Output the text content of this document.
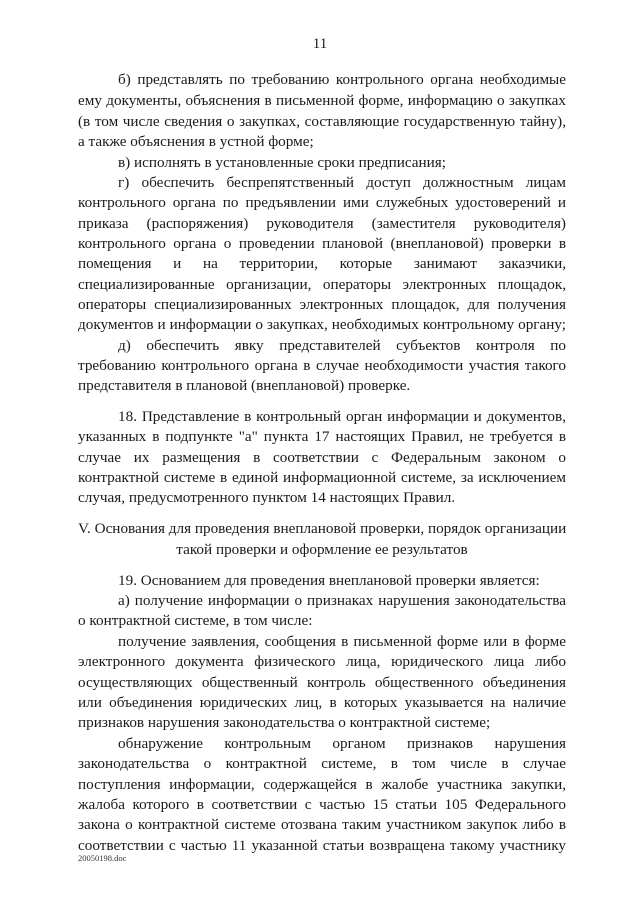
11
б) представлять по требованию контрольного органа необходимые
ему документы, объяснения в письменной форме, информацию о закупках
(в том числе сведения о закупках, составляющие государственную тайну),
а также объяснения в устной форме;
в) исполнять в установленные сроки предписания;
г) обеспечить беспрепятственный доступ должностным лицам
контрольного органа по предъявлении ими служебных удостоверений и
приказа (распоряжения) руководителя (заместителя руководителя)
контрольного органа о проведении плановой (внеплановой) проверки в
помещения и на территории, которые занимают заказчики,
специализированные организации, операторы электронных площадок,
операторы специализированных электронных площадок, для получения
документов и информации о закупках, необходимых контрольному органу;
д) обеспечить явку представителей субъектов контроля по
требованию контрольного органа в случае необходимости участия такого
представителя в плановой (внеплановой) проверке.
18. Представление в контрольный орган информации и документов,
указанных в подпункте "а" пункта 17 настоящих Правил, не требуется в
случае их размещения в соответствии с Федеральным законом о
контрактной системе в единой информационной системе, за исключением
случая, предусмотренного пунктом 14 настоящих Правил.
V. Основания для проведения внеплановой проверки, порядок организации
такой проверки и оформление ее результатов
19. Основанием для проведения внеплановой проверки является:
а) получение информации о признаках нарушения законодательства
о контрактной системе, в том числе:
получение заявления, сообщения в письменной форме или в форме
электронного документа физического лица, юридического лица либо
осуществляющих общественный контроль общественного объединения
или объединения юридических лиц, в которых указывается на наличие
признаков нарушения законодательства о контрактной системе;
обнаружение контрольным органом признаков нарушения
законодательства о контрактной системе, в том числе в случае
поступления информации, содержащейся в жалобе участника закупки,
жалоба которого в соответствии с частью 15 статьи 105 Федерального
закона о контрактной системе отозвана таким участником закупок либо в
соответствии с частью 11 указанной статьи возвращена такому участнику
20050198.doc
